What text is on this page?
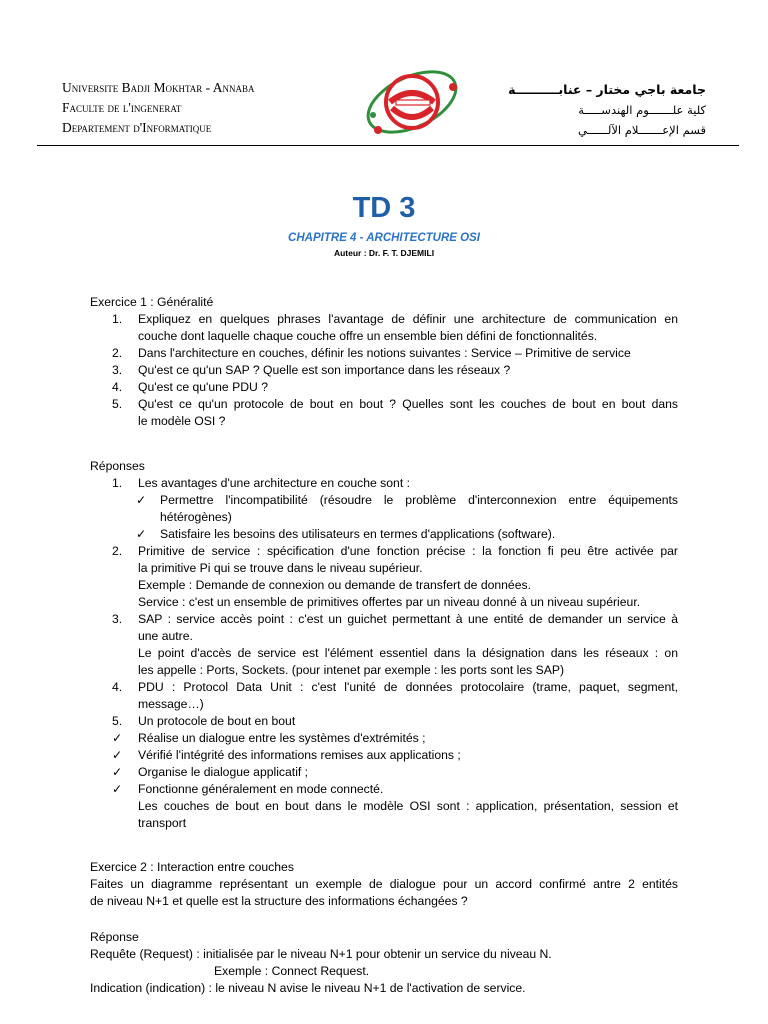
Universite Badji Mokhtar - Annaba
Faculte de l'ingenerat
Departement d'Informatique
جامعة باجي مختار – عنابــــــــــة
كلية علـــــــوم الهندســـــة
قسم الإعـــــــلام الآلــــــي
TD 3
CHAPITRE 4 - ARCHITECTURE OSI
Auteur : Dr. F. T. DJEMILI
Exercice 1 : Généralité
1.	Expliquez en quelques phrases l'avantage de définir une architecture de communication en
couche dont laquelle chaque couche offre un ensemble bien défini de fonctionnalités.
2.	Dans l'architecture en couches, définir les notions suivantes : Service – Primitive de service
3.	Qu'est ce qu'un SAP ? Quelle est son importance dans les réseaux ?
4.	Qu'est ce qu'une PDU ?
5.	Qu'est ce qu'un protocole de bout en bout ? Quelles sont les couches de bout en bout dans
le modèle OSI ?
Réponses
1.	Les avantages d'une architecture en couche sont :
✓	Permettre l'incompatibilité (résoudre le problème d'interconnexion entre équipements
hétérogènes)
✓	Satisfaire les besoins des utilisateurs en termes d'applications (software).
2.	Primitive de service : spécification d'une fonction précise : la fonction fi peu être activée par
la primitive Pi qui se trouve dans le niveau supérieur.
Exemple : Demande de connexion ou demande de transfert de données.
Service : c'est un ensemble de primitives offertes par un niveau donné à un niveau supérieur.
3.	SAP : service accès point : c'est un guichet permettant à une entité de demander un service à
une autre.
Le point d'accès de service est l'élément essentiel dans la désignation dans les réseaux : on
les appelle : Ports, Sockets. (pour intenet par exemple : les ports sont les SAP)
4.	PDU : Protocol Data Unit : c'est l'unité de données protocolaire (trame, paquet, segment,
message…)
5.	Un protocole de bout en bout
✓	Réalise un dialogue entre les systèmes d'extrémités ;
✓	Vérifié l'intégrité des informations remises aux applications ;
✓	Organise le dialogue applicatif ;
✓	Fonctionne généralement en mode connecté.
Les couches de bout en bout dans le modèle OSI sont : application, présentation, session et
transport
Exercice 2 : Interaction entre couches
Faites un diagramme représentant un exemple de dialogue pour un accord confirmé antre 2 entités
de niveau N+1 et quelle est la structure des informations échangées ?
Réponse
Requête (Request) : initialisée par le niveau N+1 pour obtenir un service du niveau N.
Exemple : Connect Request.
Indication (indication) : le niveau N avise le niveau N+1 de l'activation de service.
